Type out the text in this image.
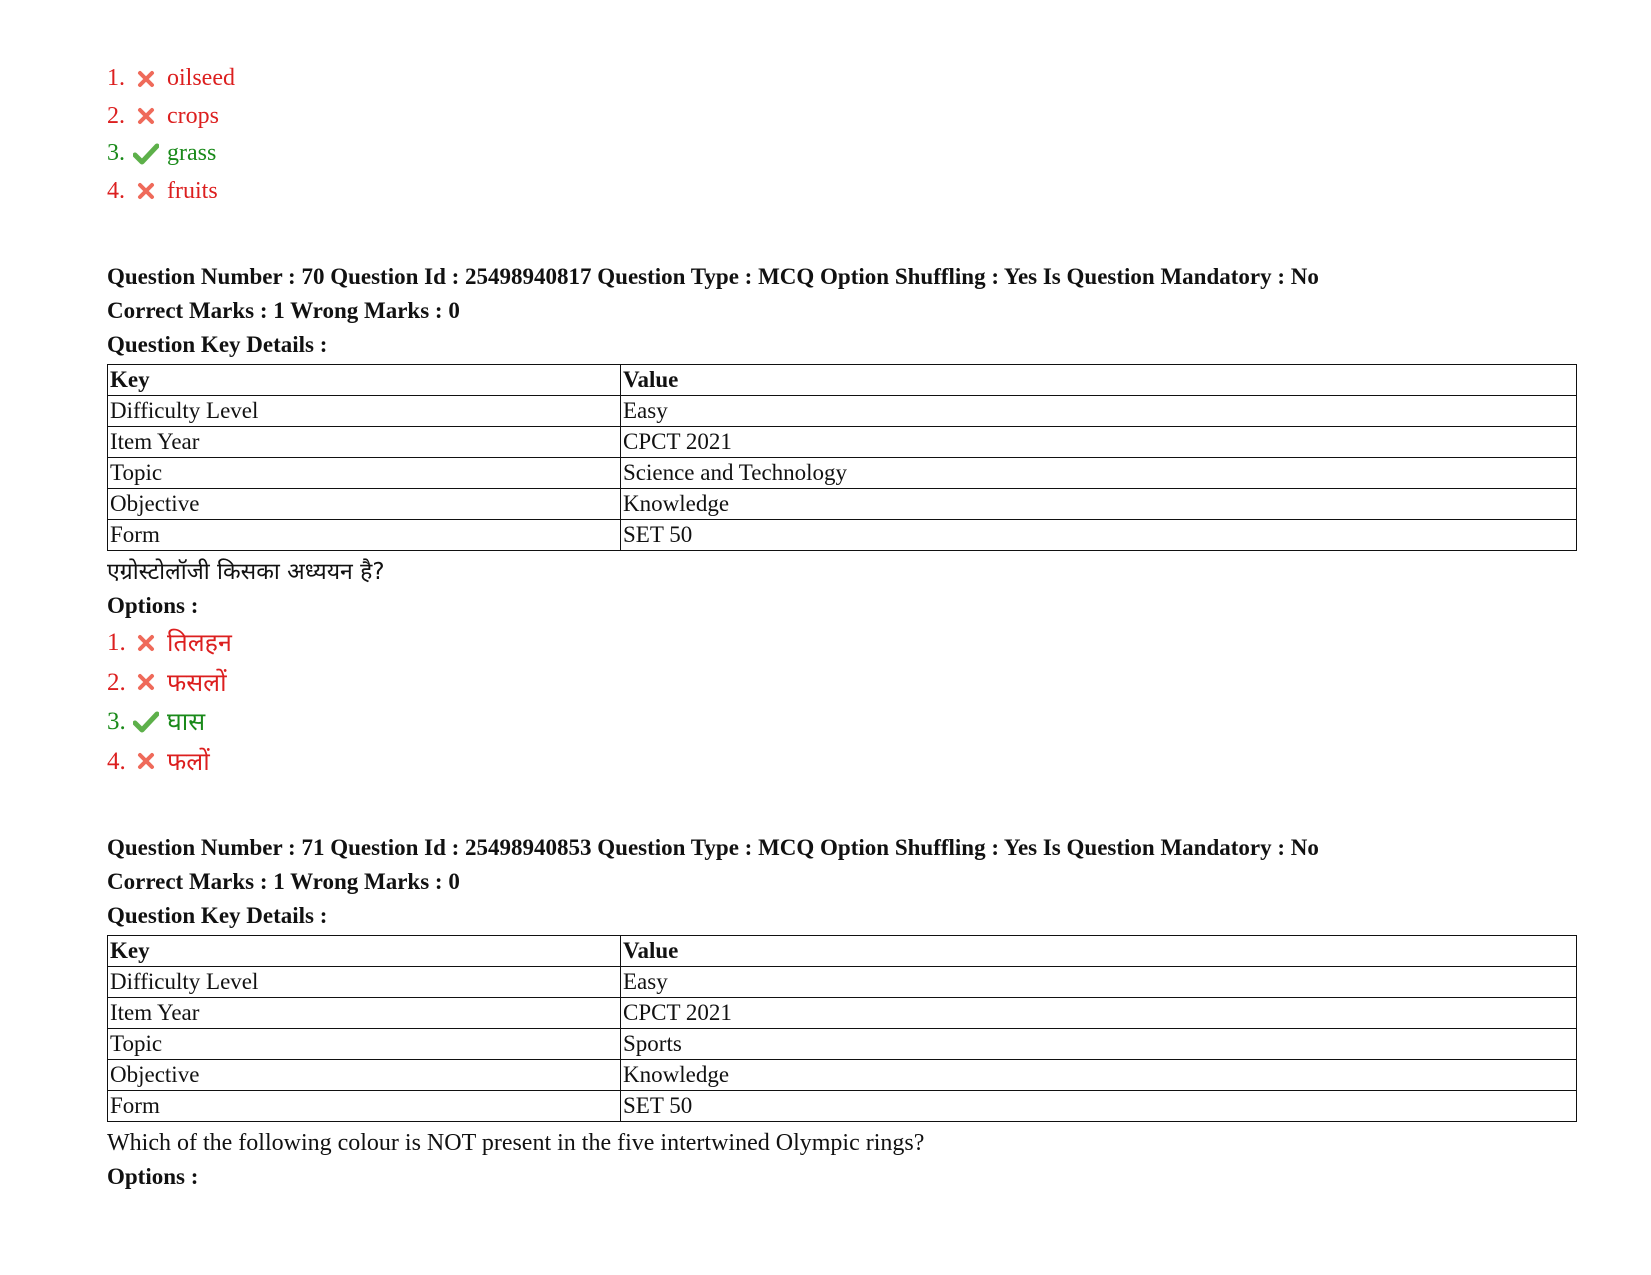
1. oilseed
2. crops
3. grass
4. fruits

Question Number : 70 Question Id : 25498940817 Question Type : MCQ Option Shuffling : Yes Is Question Mandatory : No

Correct Marks : 1 Wrong Marks : 0

Question Key Details :

Key	Value
Difficulty Level	Easy
Item Year	CPCT 2021
Topic	Science and Technology
Objective	Knowledge
Form	SET 50

एग्रोस्टोलॉजी किसका अध्ययन है?

Options :

1. तिलहन
2. फसलों
3. घास
4. फलों

Question Number : 71 Question Id : 25498940853 Question Type : MCQ Option Shuffling : Yes Is Question Mandatory : No

Correct Marks : 1 Wrong Marks : 0

Question Key Details :

Key	Value
Difficulty Level	Easy
Item Year	CPCT 2021
Topic	Sports
Objective	Knowledge
Form	SET 50

Which of the following colour is NOT present in the five intertwined Olympic rings?

Options :
